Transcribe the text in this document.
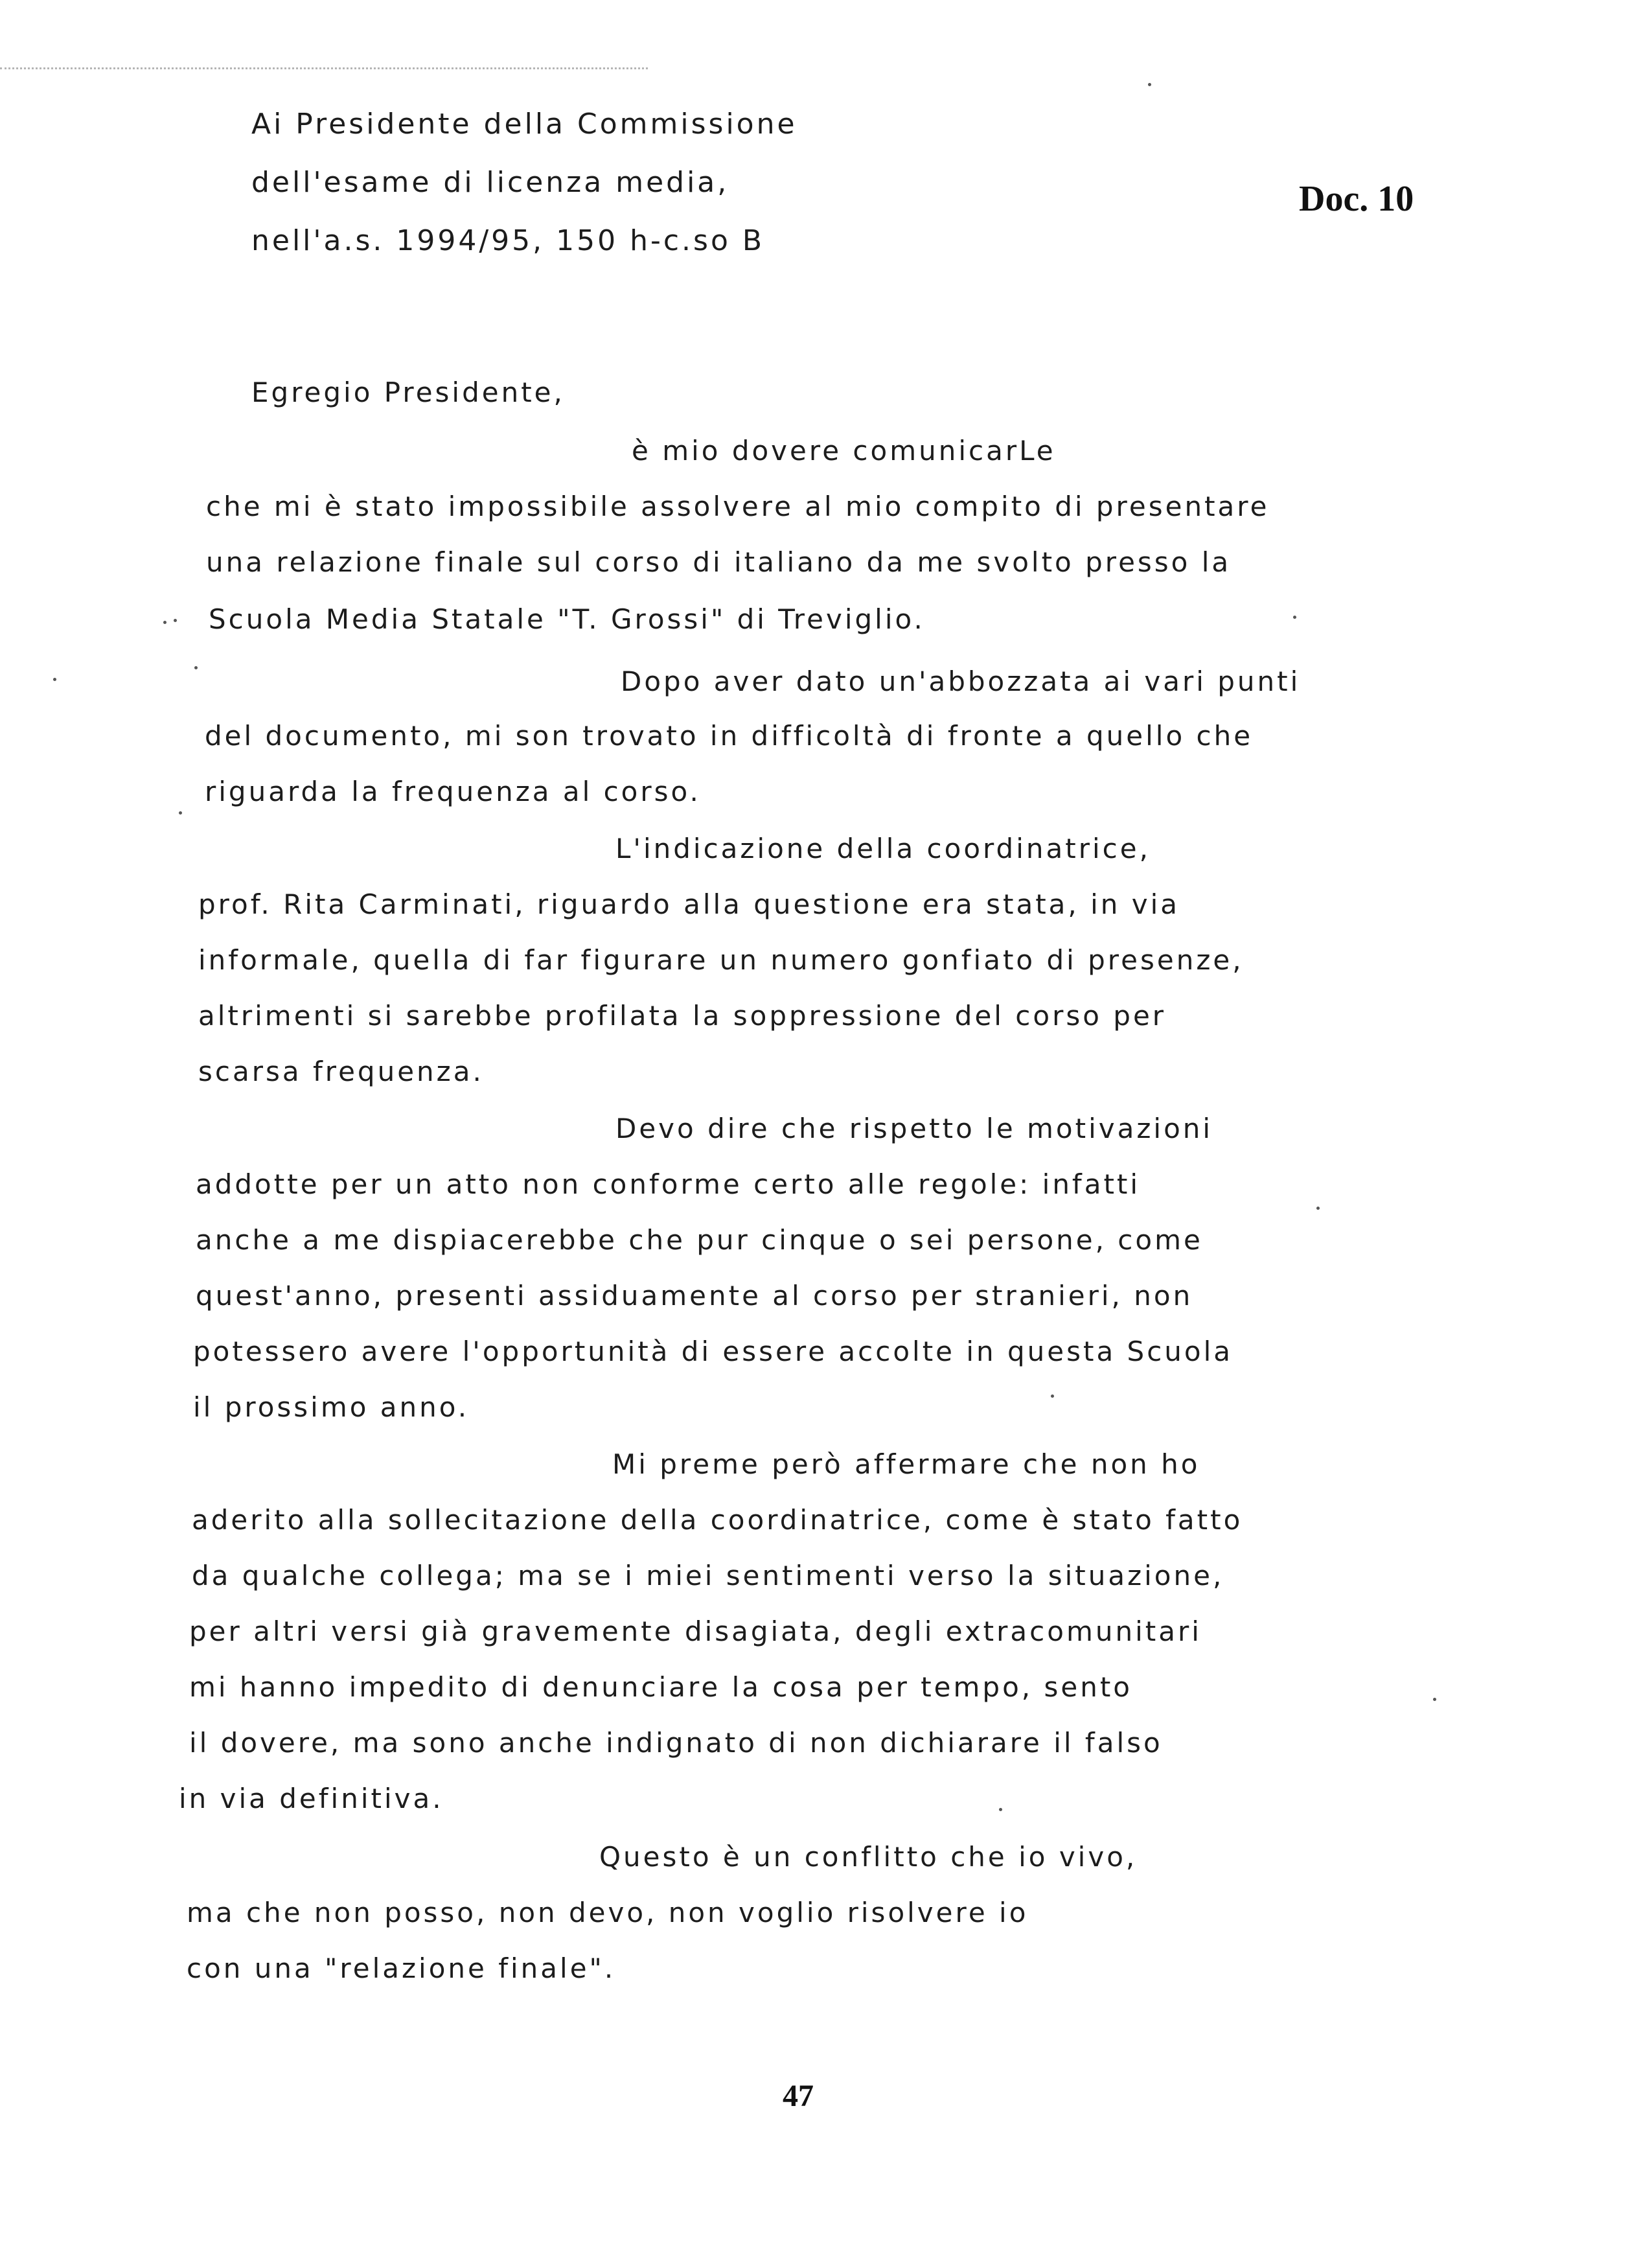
Ai Presidente della Commissione
dell'esame di licenza media,
nell'a.s. 1994/95, 150 h-c.so B
Doc. 10
Egregio Presidente,
è mio dovere comunicarLe
che mi è stato impossibile assolvere al mio compito di presentare
una relazione finale sul corso di italiano da me svolto presso la
Scuola Media Statale "T. Grossi" di Treviglio.
Dopo aver dato un'abbozzata ai vari punti
del documento, mi son trovato in difficoltà di fronte a quello che
riguarda la frequenza al corso.
L'indicazione della coordinatrice,
prof. Rita Carminati, riguardo alla questione era stata, in via
informale, quella di far figurare un numero gonfiato di presenze,
altrimenti si sarebbe profilata la soppressione del corso per
scarsa frequenza.
Devo dire che rispetto le motivazioni
addotte per un atto non conforme certo alle regole: infatti
anche a me dispiacerebbe che pur cinque o sei persone, come
quest'anno, presenti assiduamente al corso per stranieri, non
potessero avere l'opportunità di essere accolte in questa Scuola
il prossimo anno.
Mi preme però affermare che non ho
aderito alla sollecitazione della coordinatrice, come è stato fatto
da qualche collega; ma se i miei sentimenti verso la situazione,
per altri versi già gravemente disagiata, degli extracomunitari
mi hanno impedito di denunciare la cosa per tempo, sento
il dovere, ma sono anche indignato di non dichiarare il falso
in via definitiva.
Questo è un conflitto che io vivo,
ma che non posso, non devo, non voglio risolvere io
con una "relazione finale".
47
